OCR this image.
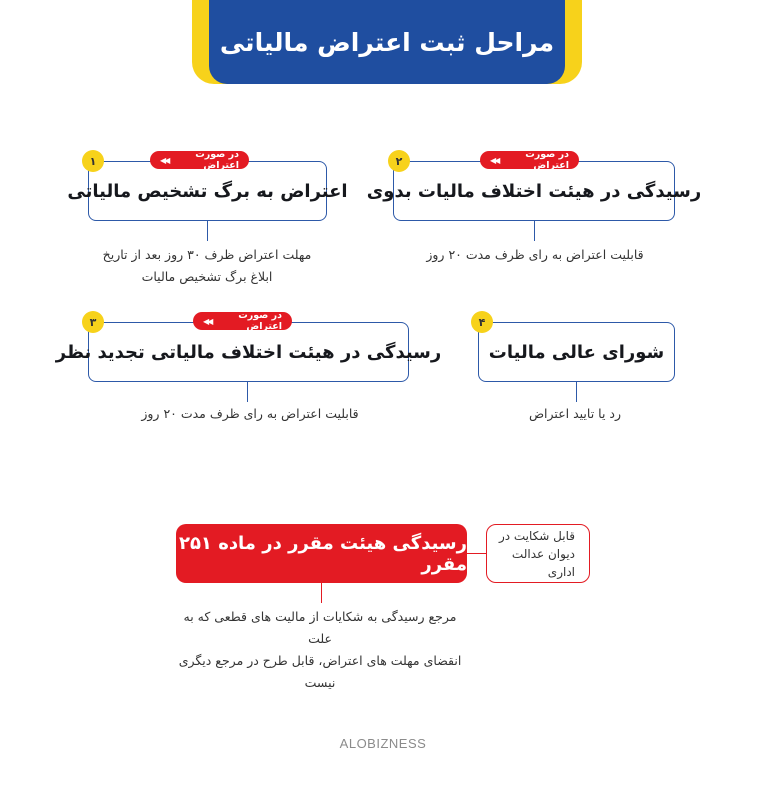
مراحل ثبت اعتراض مالیاتی
اعتراض به برگ تشخیص مالیاتی
۱	در صورت اعتراض
◀◀
مهلت اعتراض ظرف ۳۰ روز بعد از تاریخ
ابلاغ برگ تشخیص مالیات
رسیدگی در هیئت اختلاف مالیات بدوی
۲	در صورت اعتراض
◀◀
قابلیت اعتراض به رای ظرف مدت ۲۰ روز
رسیدگی در هیئت اختلاف مالیاتی تجدید نظر
۳	در صورت اعتراض
◀◀
قابلیت اعتراض به رای ظرف مدت ۲۰ روز
شورای عالی مالیات
۴
رد یا تایید اعتراض
رسیدگی هیئت مقرر در ماده ۲۵۱ مقرر
قابل شکایت در
دیوان عدالت اداری
مرجع رسیدگی به شکایات از مالیت های قطعی که به علت
انقضای مهلت های اعتراض، قابل طرح در مرجع دیگری
نیست
ALOBIZNESS
